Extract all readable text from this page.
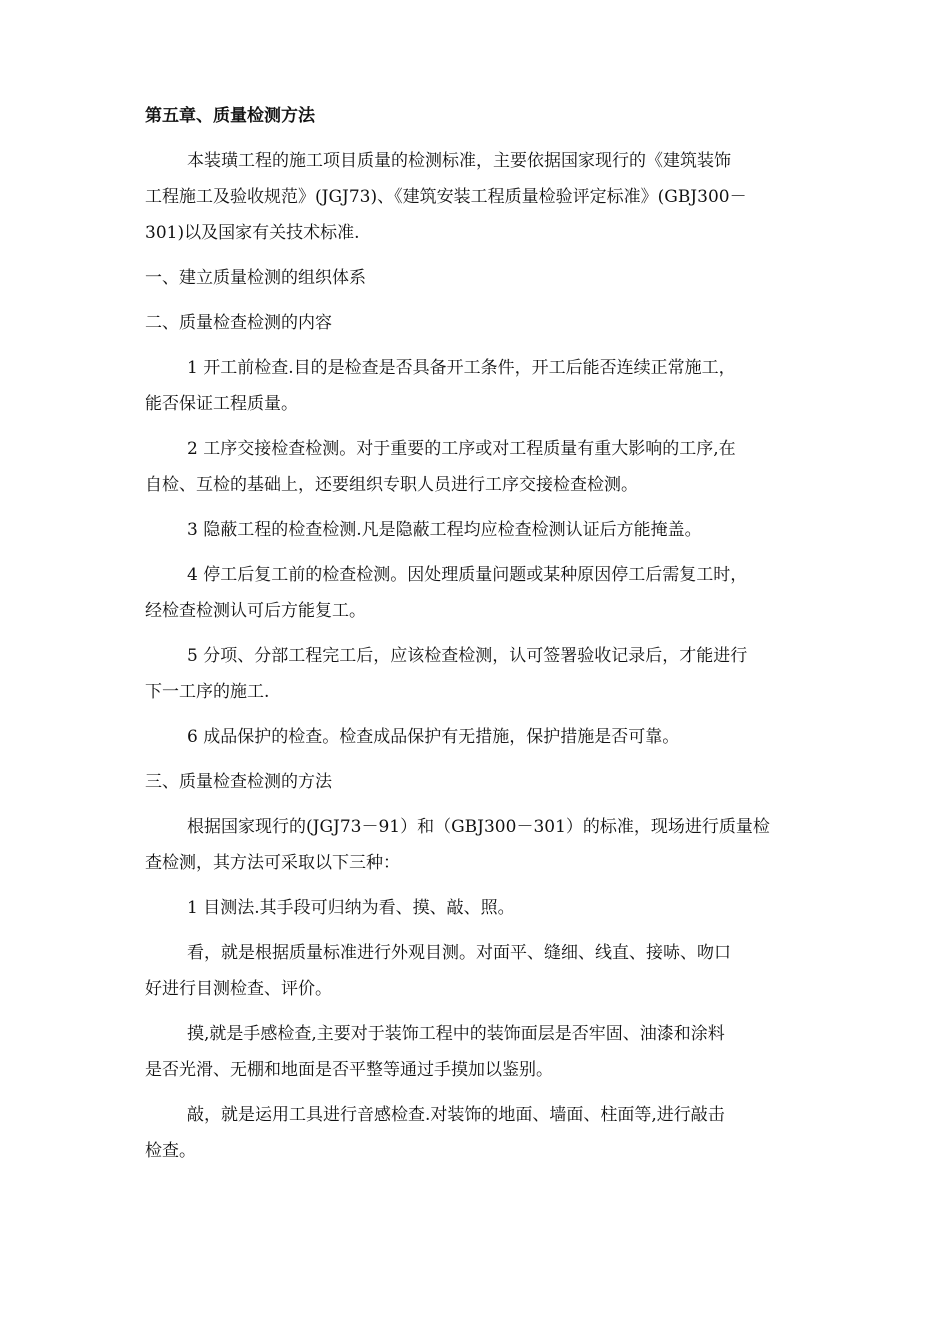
第五章、质量检测方法
本装璜工程的施工项目质量的检测标准，主要依据国家现行的《建筑装饰
工程施工及验收规范》(JGJ73)、《建筑安装工程质量检验评定标准》(GBJ300－
301)以及国家有关技术标准.
一、建立质量检测的组织体系
二、质量检查检测的内容
1 开工前检查.目的是检查是否具备开工条件，开工后能否连续正常施工，
能否保证工程质量。
2 工序交接检查检测。对于重要的工序或对工程质量有重大影响的工序,在
自检、互检的基础上，还要组织专职人员进行工序交接检查检测。
3 隐蔽工程的检查检测.凡是隐蔽工程均应检查检测认证后方能掩盖。
4 停工后复工前的检查检测。因处理质量问题或某种原因停工后需复工时，
经检查检测认可后方能复工。
5 分项、分部工程完工后，应该检查检测，认可签署验收记录后，才能进行
下一工序的施工.
6 成品保护的检查。检查成品保护有无措施，保护措施是否可靠。
三、质量检查检测的方法
根据国家现行的(JGJ73－91）和（GBJ300－301）的标准，现场进行质量检
查检测，其方法可采取以下三种：
1 目测法.其手段可归纳为看、摸、敲、照。
看，就是根据质量标准进行外观目测。对面平、缝细、线直、接哧、吻口
好进行目测检查、评价。
摸,就是手感检查,主要对于装饰工程中的装饰面层是否牢固、油漆和涂料
是否光滑、无棚和地面是否平整等通过手摸加以鉴别。
敲，就是运用工具进行音感检查.对装饰的地面、墙面、柱面等,进行敲击
检查。
